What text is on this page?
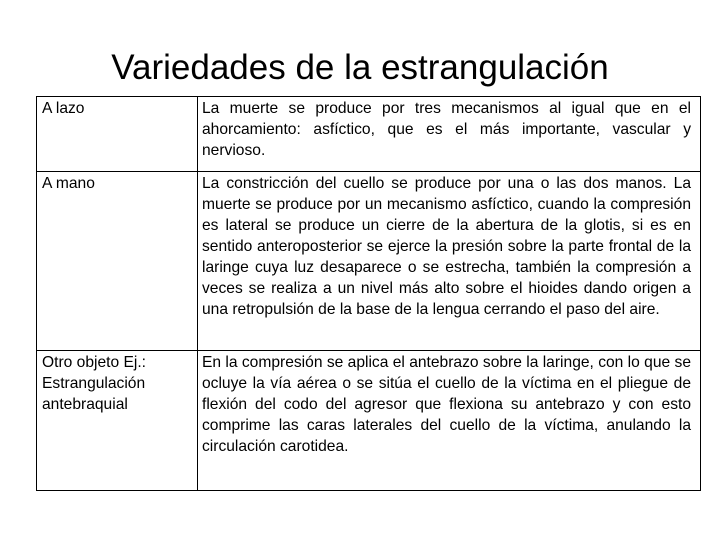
Variedades de la estrangulación
A lazo	La muerte se produce por tres mecanismos al igual que en el ahorcamiento: asfíctico, que es el más importante, vascular y nervioso.
A mano	La constricción del cuello se produce por una o las dos manos. La muerte se produce por un mecanismo asfíctico, cuando la compresión es lateral se produce un cierre de la abertura de la glotis, si es en sentido anteroposterior se ejerce la presión sobre la parte frontal de la laringe cuya luz desaparece o se estrecha, también la compresión a veces se realiza a un nivel más alto sobre el hioides dando origen a una retropulsión de la base de la lengua cerrando el paso del aire.
Otro objeto Ej.: Estrangulación antebraquial	En la compresión se aplica el antebrazo sobre la laringe, con lo que se ocluye la vía aérea o se sitúa el cuello de la víctima en el pliegue de flexión del codo del agresor que flexiona su antebrazo y con esto comprime las caras laterales del cuello de la víctima, anulando la circulación carotidea.
